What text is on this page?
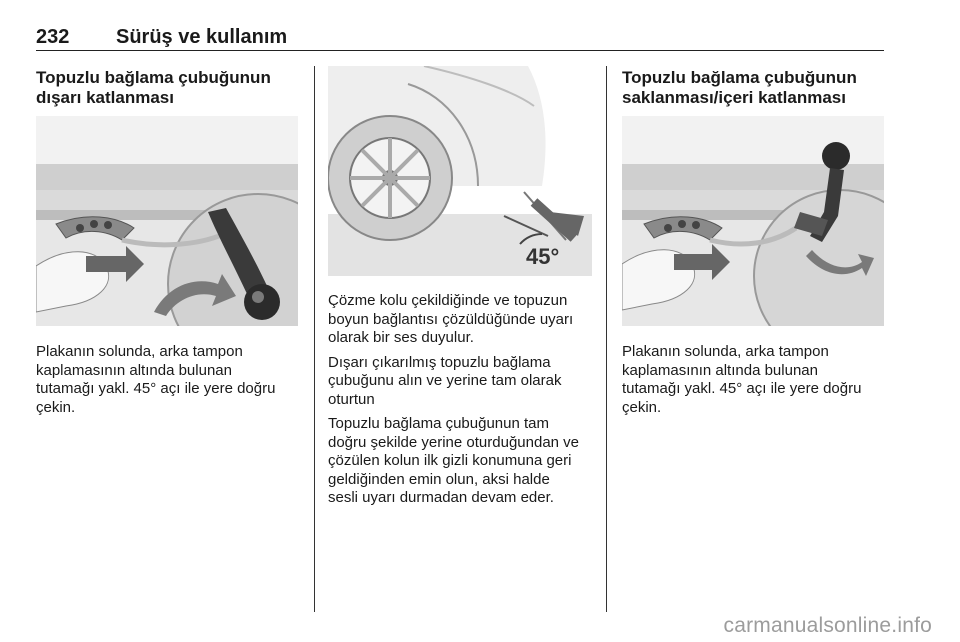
232 Sürüş ve kullanım

Topuzlu bağlama çubuğunun

dışarı katlanması

Plakanın solunda, arka tampon

kaplamasının altında bulunan

tutamağı yakl. 45° açı ile yere doğru

çekin.

45°

Çözme kolu çekildiğinde ve topuzun

boyun bağlantısı çözüldüğünde uyarı

olarak bir ses duyulur.

Dışarı çıkarılmış topuzlu bağlama

çubuğunu alın ve yerine tam olarak

oturtun

Topuzlu bağlama çubuğunun tam

doğru şekilde yerine oturduğundan ve

çözülen kolun ilk gizli konumuna geri

geldiğinden emin olun, aksi halde

sesli uyarı durmadan devam eder.

Topuzlu bağlama çubuğunun

saklanması/içeri katlanması

Plakanın solunda, arka tampon

kaplamasının altında bulunan

tutamağı yakl. 45° açı ile yere doğru

çekin.

carmanualsonline.info
